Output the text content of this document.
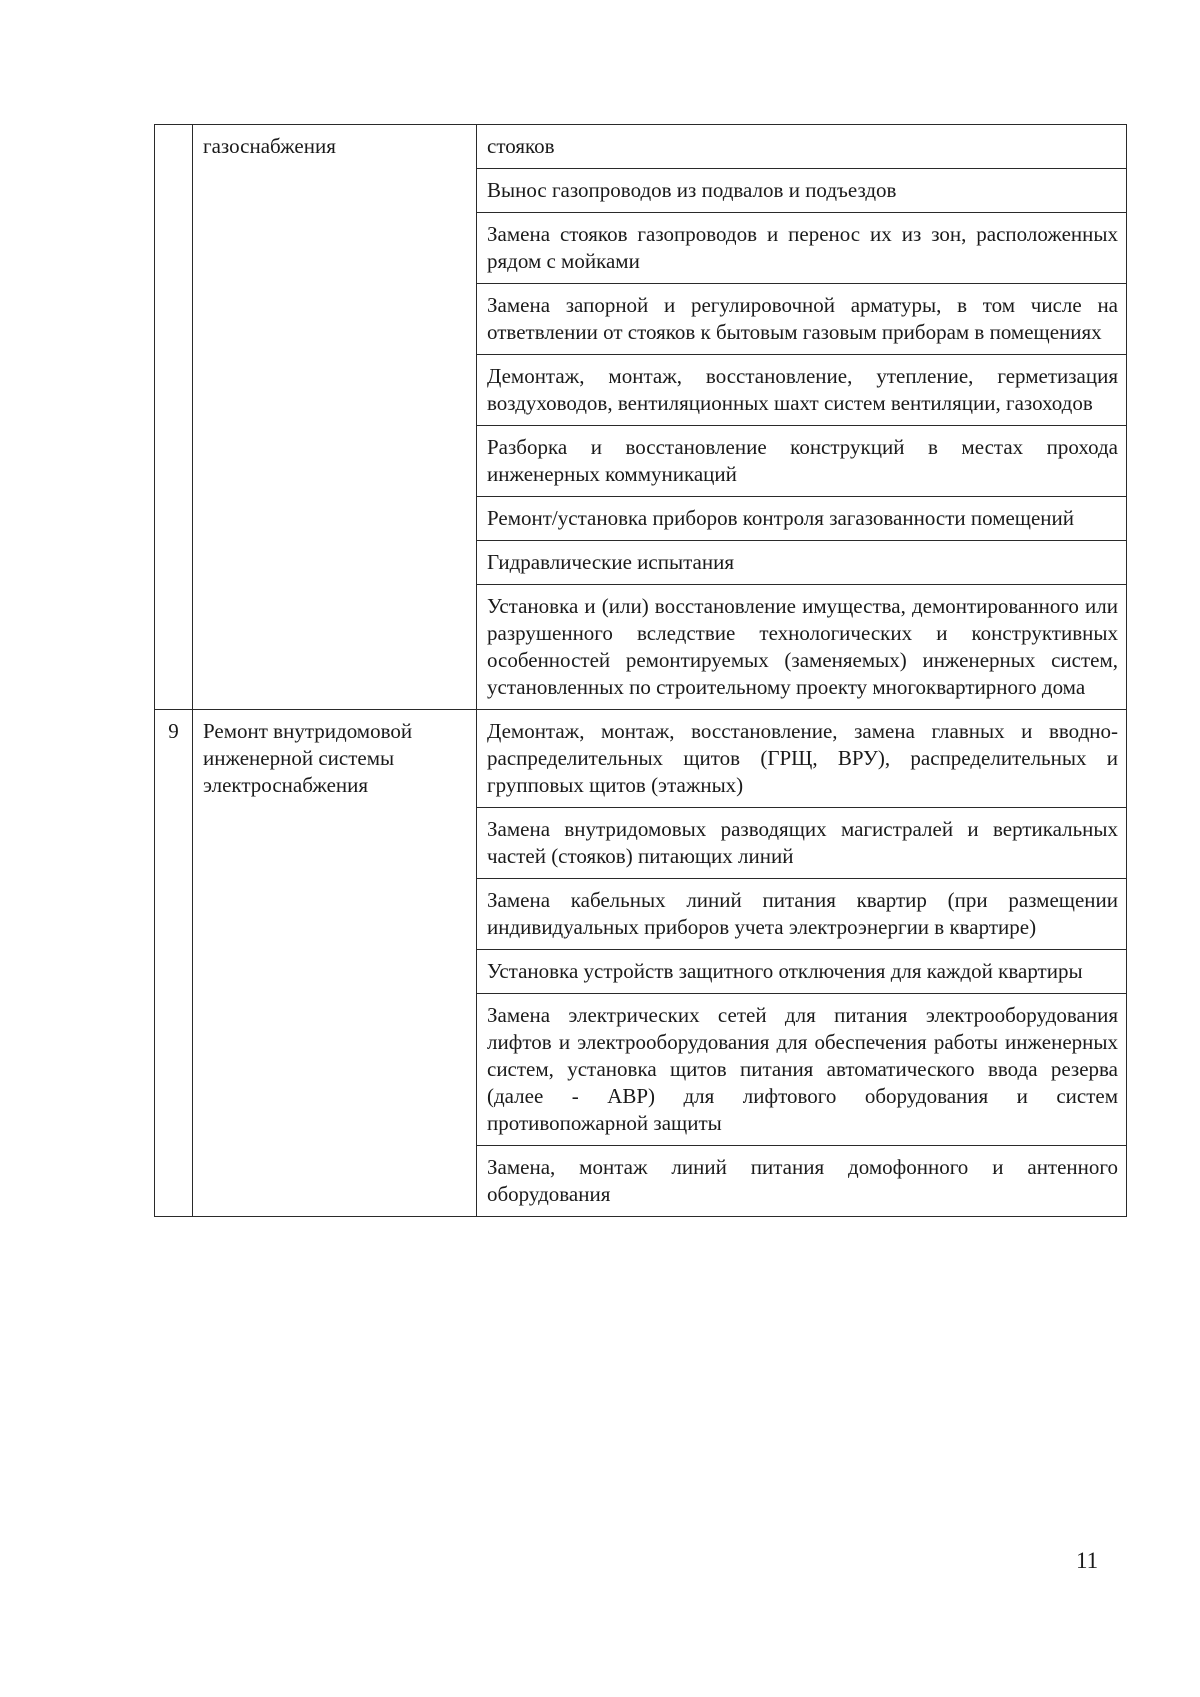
	газоснабжения	стояков
		Вынос газопроводов из подвалов и подъездов
		Замена стояков газопроводов и перенос их из зон, расположенных рядом с мойками
		Замена запорной и регулировочной арматуры, в том числе на ответвлении от стояков к бытовым газовым приборам в помещениях
		Демонтаж, монтаж, восстановление, утепление, герметизация воздуховодов, вентиляционных шахт систем вентиляции, газоходов
		Разборка и восстановление конструкций в местах прохода инженерных коммуникаций
		Ремонт/установка приборов контроля загазованности помещений
		Гидравлические испытания
		Установка и (или) восстановление имущества, демонтированного или разрушенного вследствие технологических и конструктивных особенностей ремонтируемых (заменяемых) инженерных систем, установленных по строительному проекту многоквартирного дома
9	Ремонт внутридомовой инженерной системы электроснабжения	Демонтаж, монтаж, восстановление, замена главных и вводно-распределительных щитов (ГРЩ, ВРУ), распределительных и групповых щитов (этажных)
		Замена внутридомовых разводящих магистралей и вертикальных частей (стояков) питающих линий
		Замена кабельных линий питания квартир (при размещении индивидуальных приборов учета электроэнергии в квартире)
		Установка устройств защитного отключения для каждой квартиры
		Замена электрических сетей для питания электрооборудования лифтов и электрооборудования для обеспечения работы инженерных систем, установка щитов питания автоматического ввода резерва (далее - АВР) для лифтового оборудования и систем противопожарной защиты
		Замена, монтаж линий питания домофонного и антенного оборудования
11
